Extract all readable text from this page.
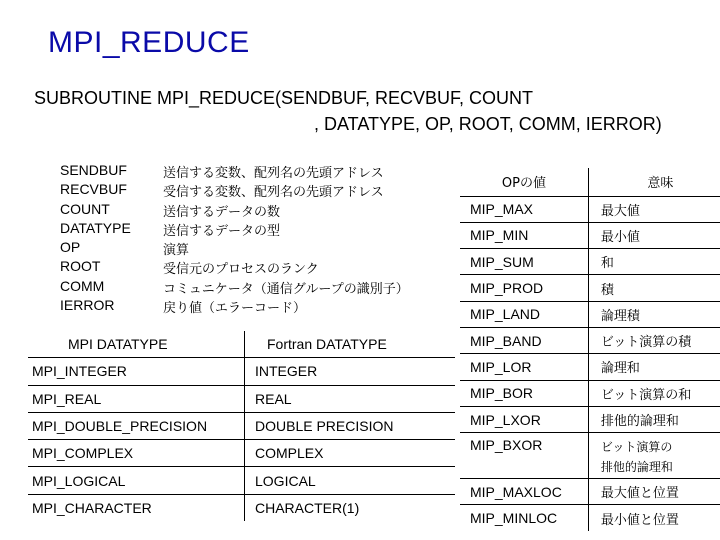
MPI_REDUCE
SUBROUTINE MPI_REDUCE(SENDBUF, RECVBUF, COUNT
, DATATYPE, OP, ROOT, COMM, IERROR)
SENDBUF	送信する変数、配列名の先頭アドレス
RECVBUF	受信する変数、配列名の先頭アドレス
COUNT	送信するデータの数
DATATYPE	送信するデータの型
OP	演算
ROOT	受信元のプロセスのランク
COMM	コミュニケータ（通信グループの識別子）
IERROR	戻り値（エラーコード）
MPI DATATYPE	Fortran DATATYPE
MPI_INTEGER	INTEGER
MPI_REAL	REAL
MPI_DOUBLE_PRECISION	DOUBLE PRECISION
MPI_COMPLEX	COMPLEX
MPI_LOGICAL	LOGICAL
MPI_CHARACTER	CHARACTER(1)
OPの値	意味
MIP_MAX	最大値
MIP_MIN	最小値
MIP_SUM	和
MIP_PROD	積
MIP_LAND	論理積
MIP_BAND	ビット演算の積
MIP_LOR	論理和
MIP_BOR	ビット演算の和
MIP_LXOR	排他的論理和
MIP_BXOR	ビット演算の
排他的論理和

MIP_MAXLOC	最大値と位置
MIP_MINLOC	最小値と位置
